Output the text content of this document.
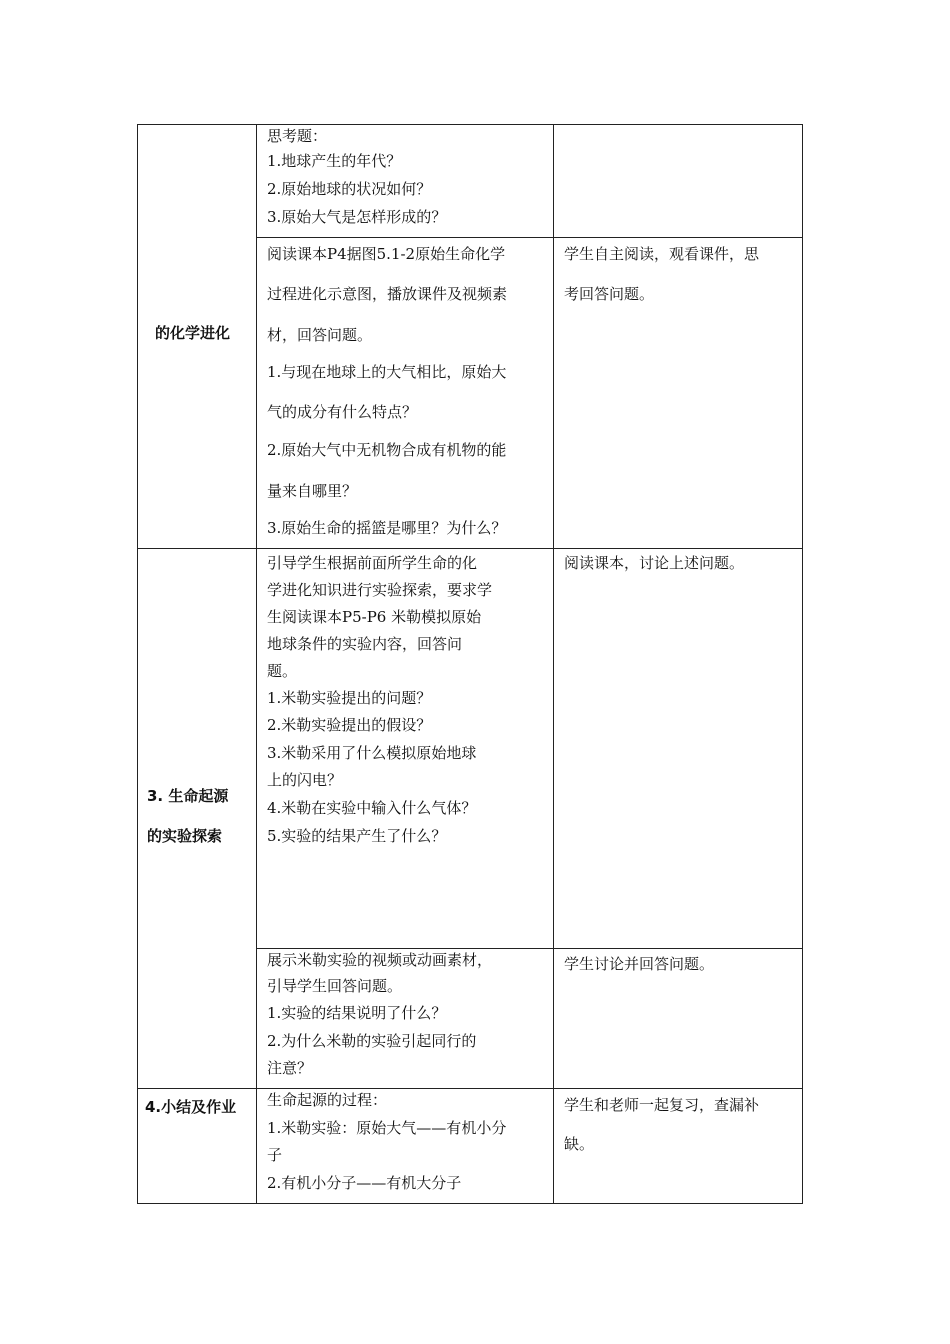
思考题：
1.地球产生的年代？
2.原始地球的状况如何？
3.原始大气是怎样形成的？
的化学进化
阅读课本P4据图5.1-2原始生命化学
过程进化示意图，播放课件及视频素
材，回答问题。
1.与现在地球上的大气相比，原始大
气的成分有什么特点？
2.原始大气中无机物合成有机物的能
量来自哪里？
3.原始生命的摇篮是哪里？为什么？
学生自主阅读，观看课件，思
考回答问题。
3. 生命起源
的实验探索
引导学生根据前面所学生命的化
学进化知识进行实验探索，要求学
生阅读课本P5-P6 米勒模拟原始
地球条件的实验内容，回答问
题。
1.米勒实验提出的问题？
2.米勒实验提出的假设？
3.米勒采用了什么模拟原始地球
上的闪电？
4.米勒在实验中输入什么气体？
5.实验的结果产生了什么？
阅读课本，讨论上述问题。
展示米勒实验的视频或动画素材，
引导学生回答问题。
1.实验的结果说明了什么？
2.为什么米勒的实验引起同行的
注意？
学生讨论并回答问题。
4.小结及作业 生命起源的过程：
1.米勒实验：原始大气——有机小分
子
2.有机小分子——有机大分子
学生和老师一起复习，查漏补
缺。
